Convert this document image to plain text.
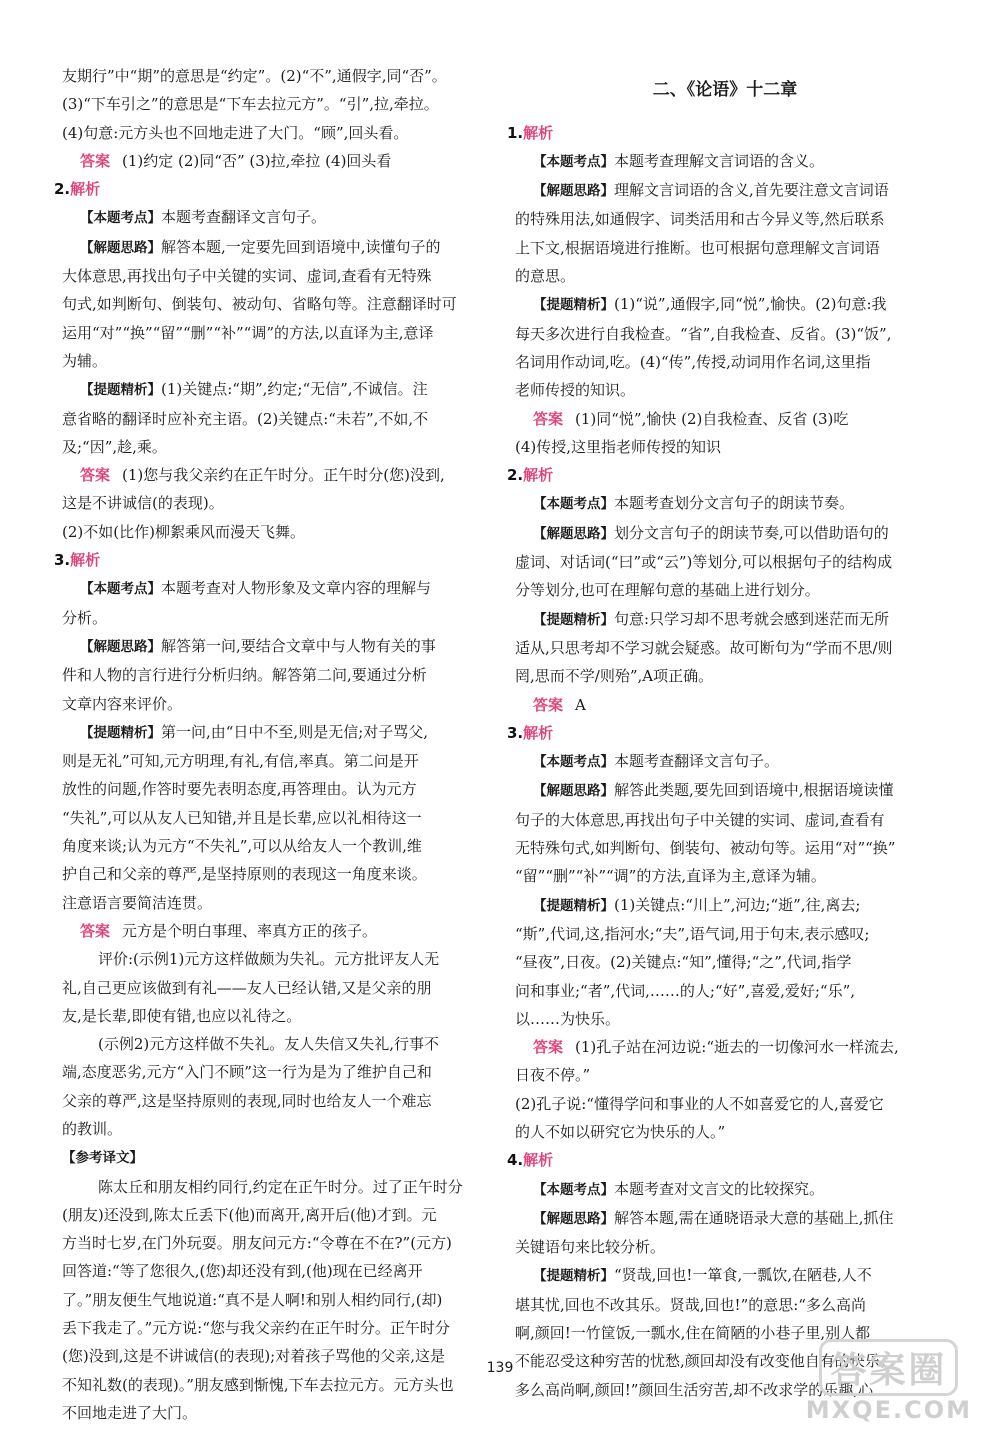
友期行”中“期”的意思是“约定”。(2)“不”,通假字,同“否”。
(3)“下车引之”的意思是“下车去拉元方”。“引”,拉,牵拉。
(4)句意:元方头也不回地走进了大门。“顾”,回头看。
答案 (1)约定 (2)同“否” (3)拉,牵拉 (4)回头看
2.解析
【本题考点】本题考查翻译文言句子。
【解题思路】解答本题,一定要先回到语境中,读懂句子的
大体意思,再找出句子中关键的实词、虚词,查看有无特殊
句式,如判断句、倒装句、被动句、省略句等。注意翻译时可
运用“对”“换”“留”“删”“补”“调”的方法,以直译为主,意译
为辅。
【提题精析】(1)关键点:“期”,约定;“无信”,不诚信。注
意省略的翻译时应补充主语。(2)关键点:“未若”,不如,不
及;“因”,趁,乘。
答案 (1)您与我父亲约在正午时分。正午时分(您)没到,
这是不讲诚信(的表现)。
(2)不如(比作)柳絮乘风而漫天飞舞。
3.解析
【本题考点】本题考查对人物形象及文章内容的理解与
分析。
【解题思路】解答第一问,要结合文章中与人物有关的事
件和人物的言行进行分析归纳。解答第二问,要通过分析
文章内容来评价。
【提题精析】第一问,由“日中不至,则是无信;对子骂父,
则是无礼”可知,元方明理,有礼,有信,率真。第二问是开
放性的问题,作答时要先表明态度,再答理由。认为元方
“失礼”,可以从友人已知错,并且是长辈,应以礼相待这一
角度来谈;认为元方“不失礼”,可以从给友人一个教训,维
护自己和父亲的尊严,是坚持原则的表现这一角度来谈。
注意语言要简洁连贯。
答案 元方是个明白事理、率真方正的孩子。
评价:(示例1)元方这样做颇为失礼。元方批评友人无
礼,自己更应该做到有礼——友人已经认错,又是父亲的朋
友,是长辈,即使有错,也应以礼待之。
(示例2)元方这样做不失礼。友人失信又失礼,行事不
端,态度恶劣,元方“入门不顾”这一行为是为了维护自己和
父亲的尊严,这是坚持原则的表现,同时也给友人一个难忘
的教训。
【参考译文】
陈太丘和朋友相约同行,约定在正午时分。过了正午时分
(朋友)还没到,陈太丘丢下(他)而离开,离开后(他)才到。元
方当时七岁,在门外玩耍。朋友问元方:“令尊在不在?”(元方)
回答道:“等了您很久,(您)却还没有到,(他)现在已经离开
了。”朋友便生气地说道:“真不是人啊!和别人相约同行,(却)
丢下我走了。”元方说:“您与我父亲约在正午时分。正午时分
(您)没到,这是不讲诚信(的表现);对着孩子骂他的父亲,这是
不知礼数(的表现)。”朋友感到惭愧,下车去拉元方。元方头也
不回地走进了大门。
二、《论语》十二章
1.解析
【本题考点】本题考查理解文言词语的含义。
【解题思路】理解文言词语的含义,首先要注意文言词语
的特殊用法,如通假字、词类活用和古今异义等,然后联系
上下文,根据语境进行推断。也可根据句意理解文言词语
的意思。
【提题精析】(1)“说”,通假字,同“悦”,愉快。(2)句意:我
每天多次进行自我检查。“省”,自我检查、反省。(3)“饭”,
名词用作动词,吃。(4)“传”,传授,动词用作名词,这里指
老师传授的知识。
答案 (1)同“悦”,愉快 (2)自我检查、反省 (3)吃
(4)传授,这里指老师传授的知识
2.解析
【本题考点】本题考查划分文言句子的朗读节奏。
【解题思路】划分文言句子的朗读节奏,可以借助语句的
虚词、对话词(“曰”或“云”)等划分,可以根据句子的结构成
分等划分,也可在理解句意的基础上进行划分。
【提题精析】句意:只学习却不思考就会感到迷茫而无所
适从,只思考却不学习就会疑惑。故可断句为“学而不思/则
罔,思而不学/则殆”,A项正确。
答案 A
3.解析
【本题考点】本题考查翻译文言句子。
【解题思路】解答此类题,要先回到语境中,根据语境读懂
句子的大体意思,再找出句子中关键的实词、虚词,查看有
无特殊句式,如判断句、倒装句、被动句等。运用“对”“换”
“留”“删”“补”“调”的方法,直译为主,意译为辅。
【提题精析】(1)关键点:“川上”,河边;“逝”,往,离去;
“斯”,代词,这,指河水;“夫”,语气词,用于句末,表示感叹;
“昼夜”,日夜。(2)关键点:“知”,懂得;“之”,代词,指学
问和事业;“者”,代词,……的人;“好”,喜爱,爱好;“乐”,
以……为快乐。
答案 (1)孔子站在河边说:“逝去的一切像河水一样流去,
日夜不停。”
(2)孔子说:“懂得学问和事业的人不如喜爱它的人,喜爱它
的人不如以研究它为快乐的人。”
4.解析
【本题考点】本题考查对文言文的比较探究。
【解题思路】解答本题,需在通晓语录大意的基础上,抓住
关键语句来比较分析。
【提题精析】“贤哉,回也!一箪食,一瓢饮,在陋巷,人不
堪其忧,回也不改其乐。贤哉,回也!”的意思:“多么高尚
啊,颜回!一竹筐饭,一瓢水,住在简陋的小巷子里,别人都
不能忍受这种穷苦的忧愁,颜回却没有改变他自有的快乐。
多么高尚啊,颜回!”颜回生活穷苦,却不改求学的乐趣,心
139	答案圈
MXQE.COM
